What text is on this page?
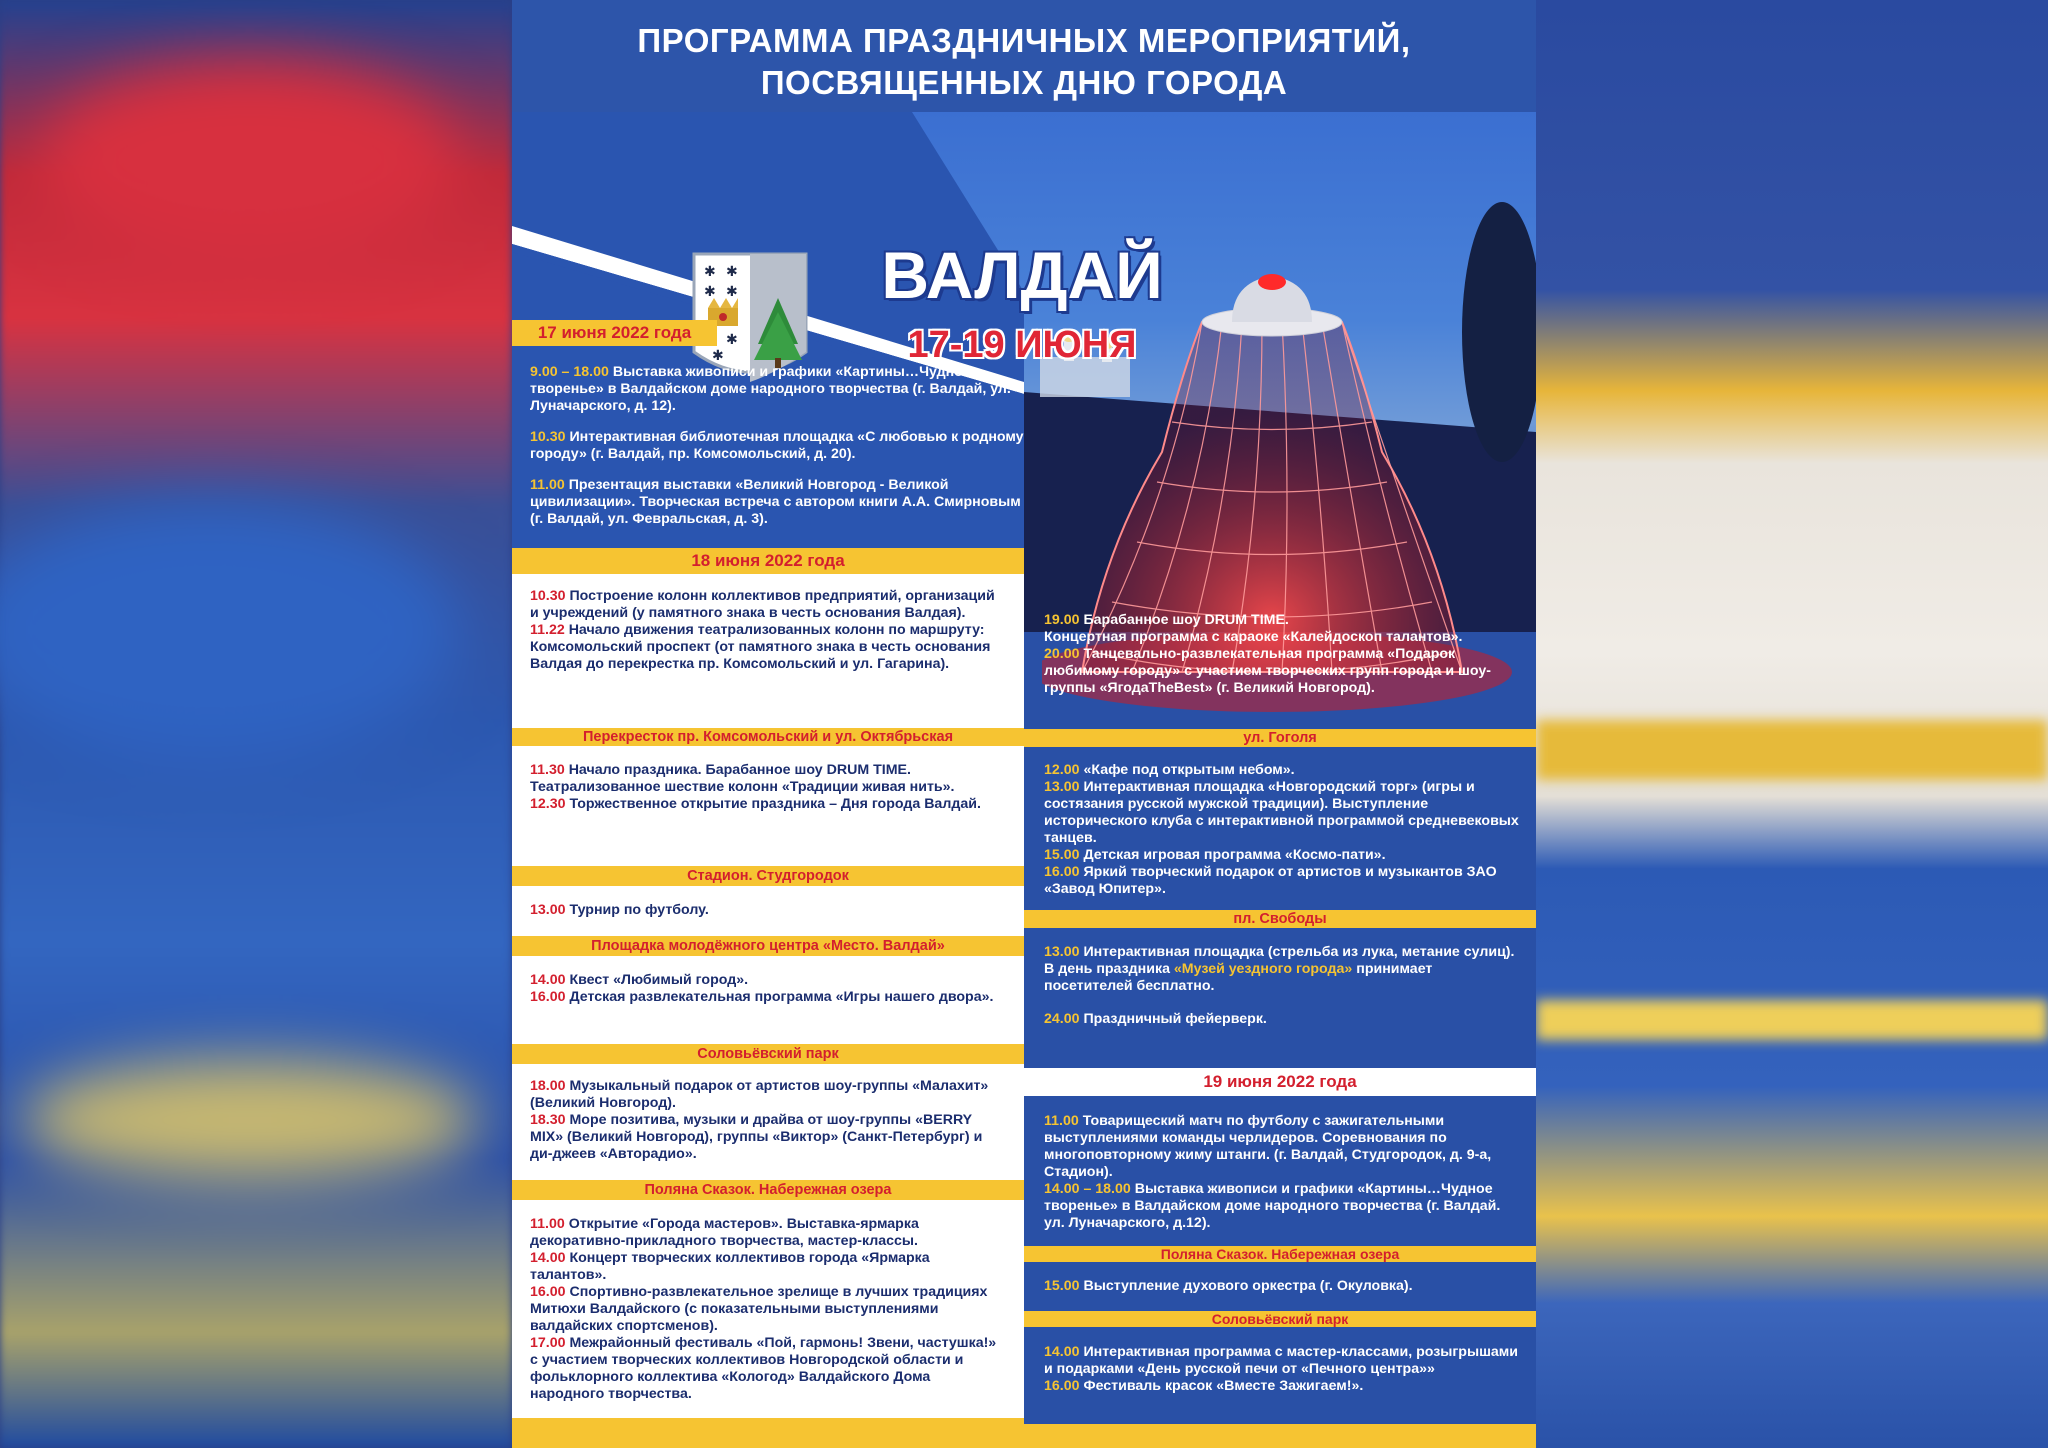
ПРОГРАММА ПРАЗДНИЧНЫХ МЕРОПРИЯТИЙ,
ПОСВЯЩЕННЫХ ДНЮ ГОРОДА
✱ ✱
✱ ✱
✱
✱
ВАЛДАЙ
17-19 ИЮНЯ
17 июня 2022 года

9.00 – 18.00 Выставка живописи и графики «Картины…Чудное творенье» в Валдайском доме народного творчества (г. Валдай, ул. Луначарского, д. 12).

10.30 Интерактивная библиотечная площадка «С любовью к родному городу» (г. Валдай, пр. Комсомольский, д. 20).

11.00 Презентация выставки «Великий Новгород - Великой цивилизации». Творческая встреча с автором книги А.А. Смирновым (г. Валдай, ул. Февральская, д. 3).

18 июня 2022 года

10.30 Построение колонн коллективов предприятий, организаций и учреждений (у памятного знака в честь основания Валдая).

11.22 Начало движения театрализованных колонн по маршруту: Комсомольский проспект (от памятного знака в честь основания Валдая до перекрестка пр. Комсомольский и ул. Гагарина).

Перекресток пр. Комсомольский и ул. Октябрьская

11.30 Начало праздника. Барабанное шоу DRUM TIME. Театрализованное шествие колонн «Традиции живая нить».

12.30 Торжественное открытие праздника – Дня города Валдай.

Стадион. Студгородок

13.00 Турнир по футболу.

Площадка молодёжного центра «Место. Валдай»

14.00 Квест «Любимый город».

16.00 Детская развлекательная программа «Игры нашего двора».

Соловьёвский парк

18.00 Музыкальный подарок от артистов шоу-группы «Малахит» (Великий Новгород).

18.30 Море позитива, музыки и драйва от шоу-группы «BERRY MIX» (Великий Новгород), группы «Виктор» (Санкт-Петербург) и ди-джеев «Авторадио».

Поляна Сказок. Набережная озера

11.00 Открытие «Города мастеров». Выставка-ярмарка декоративно-прикладного творчества, мастер-классы.

14.00 Концерт творческих коллективов города «Ярмарка талантов».

16.00 Спортивно-развлекательное зрелище в лучших традициях Митюхи Валдайского (с показательными выступлениями валдайских спортсменов).

17.00 Межрайонный фестиваль «Пой, гармонь! Звени, частушка!» с участием творческих коллективов Новгородской области и фольклорного коллектива «Кологод» Валдайского Дома народного творчества.

19.00 Барабанное шоу DRUM TIME.

Концертная программа с караоке «Калейдоскоп талантов».

20.00 Танцевально-развлекательная программа «Подарок любимому городу» с участием творческих групп города и шоу-группы «ЯгодаTheBest» (г. Великий Новгород).

ул. Гоголя

12.00 «Кафе под открытым небом».

13.00 Интерактивная площадка «Новгородский торг» (игры и состязания русской мужской традиции). Выступление исторического клуба с интерактивной программой средневековых танцев.

15.00 Детская игровая программа «Космо-пати».

16.00 Яркий творческий подарок от артистов и музыкантов ЗАО «Завод Юпитер».

пл. Свободы

13.00 Интерактивная площадка (стрельба из лука, метание сулиц).

В день праздника «Музей уездного города» принимает посетителей бесплатно.

24.00 Праздничный фейерверк.

19 июня 2022 года

11.00 Товарищеский матч по футболу с зажигательными выступлениями команды черлидеров. Соревнования по многоповторному жиму штанги. (г. Валдай, Студгородок, д. 9-а, Стадион).

14.00 – 18.00 Выставка живописи и графики «Картины…Чудное творенье» в Валдайском доме народного творчества (г. Валдай. ул. Луначарского, д.12).

Поляна Сказок. Набережная озера

15.00 Выступление духового оркестра (г. Окуловка).

Соловьёвский парк

14.00 Интерактивная программа с мастер-классами, розыгрышами и подарками «День русской печи от «Печного центра»»

16.00 Фестиваль красок «Вместе Зажигаем!».
